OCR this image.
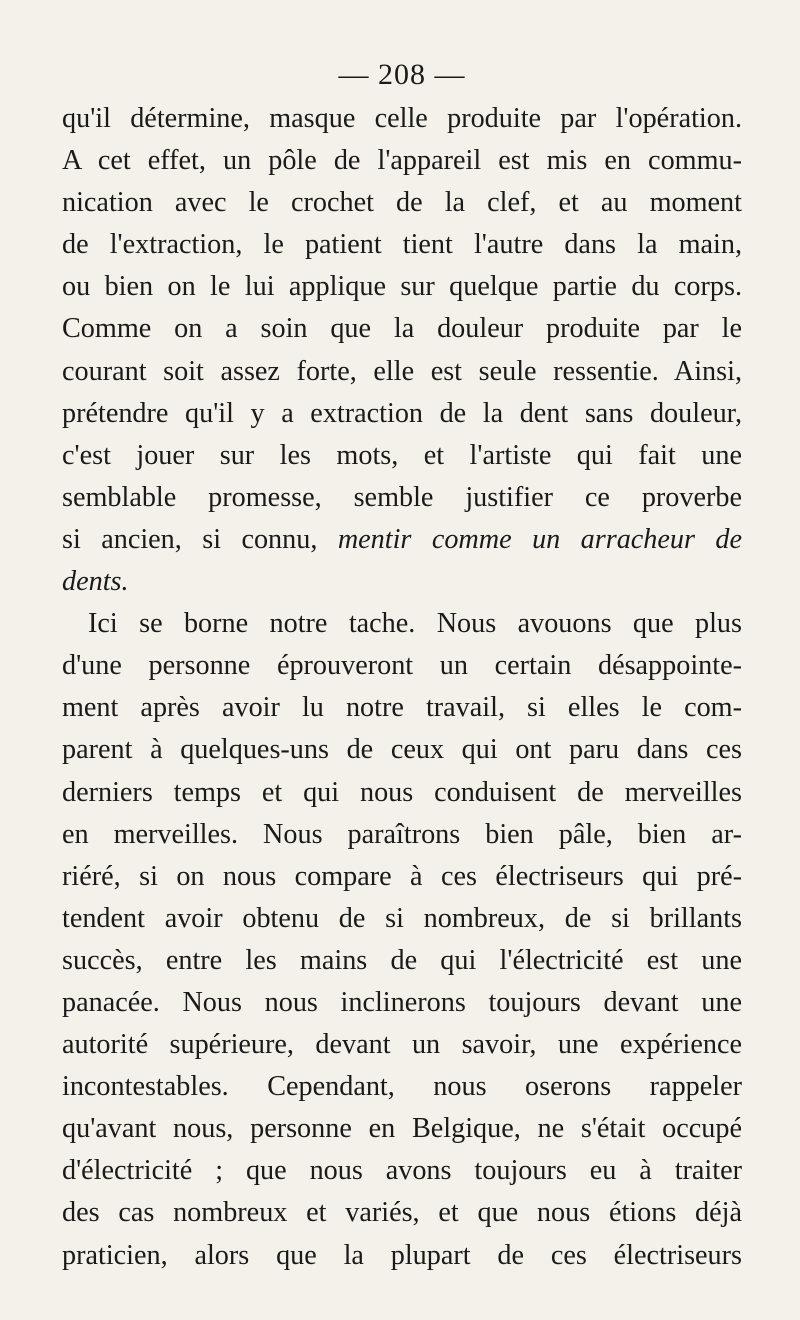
— 208 —
qu'il détermine, masque celle produite par l'opération.
A cet effet, un pôle de l'appareil est mis en commu-
nication avec le crochet de la clef, et au moment
de l'extraction, le patient tient l'autre dans la main,
ou bien on le lui applique sur quelque partie du corps.
Comme on a soin que la douleur produite par le
courant soit assez forte, elle est seule ressentie. Ainsi,
prétendre qu'il y a extraction de la dent sans douleur,
c'est jouer sur les mots, et l'artiste qui fait une
semblable promesse, semble justifier ce proverbe
si ancien, si connu, mentir comme un arracheur de
dents.
Ici se borne notre tache. Nous avouons que plus
d'une personne éprouveront un certain désappointe-
ment après avoir lu notre travail, si elles le com-
parent à quelques-uns de ceux qui ont paru dans ces
derniers temps et qui nous conduisent de merveilles
en merveilles. Nous paraîtrons bien pâle, bien ar-
riéré, si on nous compare à ces électriseurs qui pré-
tendent avoir obtenu de si nombreux, de si brillants
succès, entre les mains de qui l'électricité est une
panacée. Nous nous inclinerons toujours devant une
autorité supérieure, devant un savoir, une expérience
incontestables. Cependant, nous oserons rappeler
qu'avant nous, personne en Belgique, ne s'était occupé
d'électricité ; que nous avons toujours eu à traiter
des cas nombreux et variés, et que nous étions déjà
praticien, alors que la plupart de ces électriseurs
